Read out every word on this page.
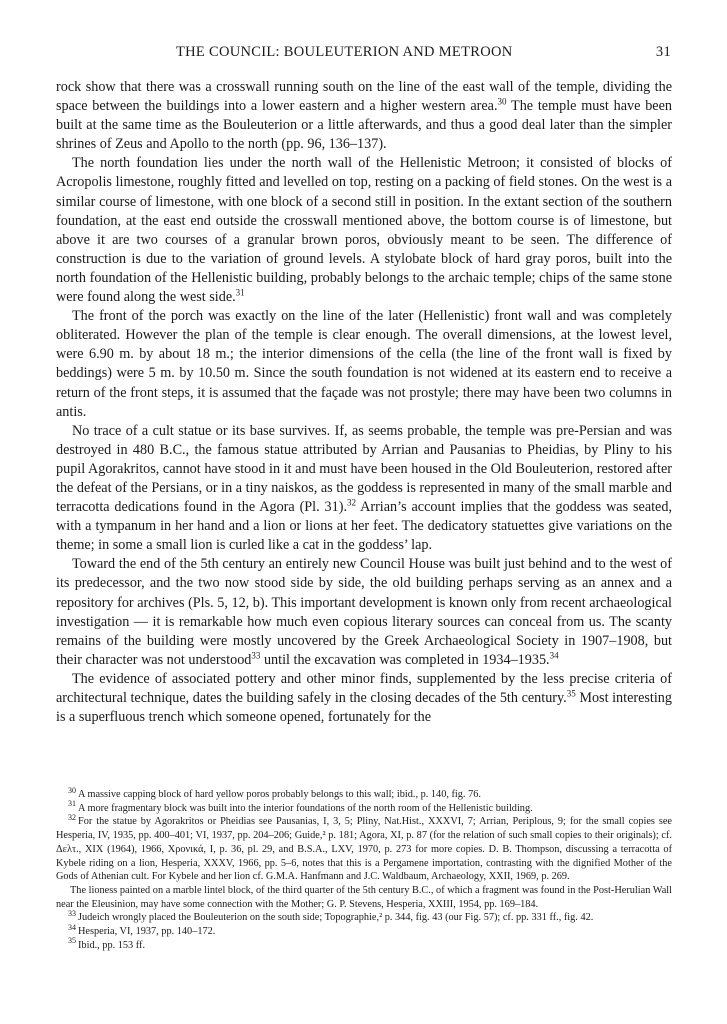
THE COUNCIL: BOULEUTERION AND METROON	31

rock show that there was a crosswall running south on the line of the east wall of the temple, dividing the space between the buildings into a lower eastern and a higher western area.$^{30}$ The temple must have been built at the same time as the Bouleuterion or a little afterwards, and thus a good deal later than the simpler shrines of Zeus and Apollo to the north (pp. 96, 136–137).

The north foundation lies under the north wall of the Hellenistic Metroon; it consisted of blocks of Acropolis limestone, roughly fitted and levelled on top, resting on a packing of field stones. On the west is a similar course of limestone, with one block of a second still in position. In the extant section of the southern foundation, at the east end outside the crosswall mentioned above, the bottom course is of limestone, but above it are two courses of a granular brown poros, obviously meant to be seen. The difference of construction is due to the variation of ground levels. A stylobate block of hard gray poros, built into the north foundation of the Hellenistic building, probably belongs to the archaic temple; chips of the same stone were found along the west side.$^{31}$

The front of the porch was exactly on the line of the later (Hellenistic) front wall and was completely obliterated. However the plan of the temple is clear enough. The overall dimensions, at the lowest level, were 6.90 m. by about 18 m.; the interior dimensions of the cella (the line of the front wall is fixed by beddings) were 5 m. by 10.50 m. Since the south foundation is not widened at its eastern end to receive a return of the front steps, it is assumed that the façade was not prostyle; there may have been two columns in antis.

No trace of a cult statue or its base survives. If, as seems probable, the temple was pre-Persian and was destroyed in 480 B.C., the famous statue attributed by Arrian and Pausanias to Pheidias, by Pliny to his pupil Agorakritos, cannot have stood in it and must have been housed in the Old Bouleuterion, restored after the defeat of the Persians, or in a tiny naiskos, as the goddess is represented in many of the small marble and terracotta dedications found in the Agora (Pl. 31).$^{32}$ Arrian’s account implies that the goddess was seated, with a tympanum in her hand and a lion or lions at her feet. The dedicatory statuettes give variations on the theme; in some a small lion is curled like a cat in the goddess’ lap.

Toward the end of the 5th century an entirely new Council House was built just behind and to the west of its predecessor, and the two now stood side by side, the old building perhaps serving as an annex and a repository for archives (Pls. 5, 12, b). This important development is known only from recent archaeological investigation — it is remarkable how much even copious literary sources can conceal from us. The scanty remains of the building were mostly uncovered by the Greek Archaeological Society in 1907–1908, but their character was not understood$^{33}$ until the excavation was completed in 1934–1935.34

The evidence of associated pottery and other minor finds, supplemented by the less precise criteria of architectural technique, dates the building safely in the closing decades of the 5th century.$^{35}$ Most interesting is a superfluous trench which someone opened, fortunately for the

$^{30}$ A massive capping block of hard yellow poros probably belongs to this wall; ibid., p. 140, fig. 76.

$^{31}$ A more fragmentary block was built into the interior foundations of the north room of the Hellenistic building.

$^{32}$ For the statue by Agorakritos or Pheidias see Pausanias, I, 3, 5; Pliny, Nat.Hist., XXXVI, 7; Arrian, Periplous, 9; for the small copies see Hesperia, IV, 1935, pp. 400–401; VI, 1937, pp. 204–206; Guide,² p. 181; Agora, XI, p. 87 (for the relation of such small copies to their originals); cf. Δελτ., XIX (1964), 1966, Χρονικά, I, p. 36, pl. 29, and B.S.A., LXV, 1970, p. 273 for more copies. D. B. Thompson, discussing a terracotta of Kybele riding on a lion, Hesperia, XXXV, 1966, pp. 5–6, notes that this is a Pergamene importation, contrasting with the dignified Mother of the Gods of Athenian cult. For Kybele and her lion cf. G.M.A. Hanfmann and J.C. Waldbaum, Archaeology, XXII, 1969, p. 269.

The lioness painted on a marble lintel block, of the third quarter of the 5th century B.C., of which a fragment was found in the Post-Herulian Wall near the Eleusinion, may have some connection with the Mother; G. P. Stevens, Hesperia, XXIII, 1954, pp. 169–184.

$^{33}$ Judeich wrongly placed the Bouleuterion on the south side; Topographie,² p. 344, fig. 43 (our Fig. 57); cf. pp. 331 ff., fig. 42.

$^{34}$ Hesperia, VI, 1937, pp. 140–172.

$^{35}$ Ibid., pp. 153 ff.
